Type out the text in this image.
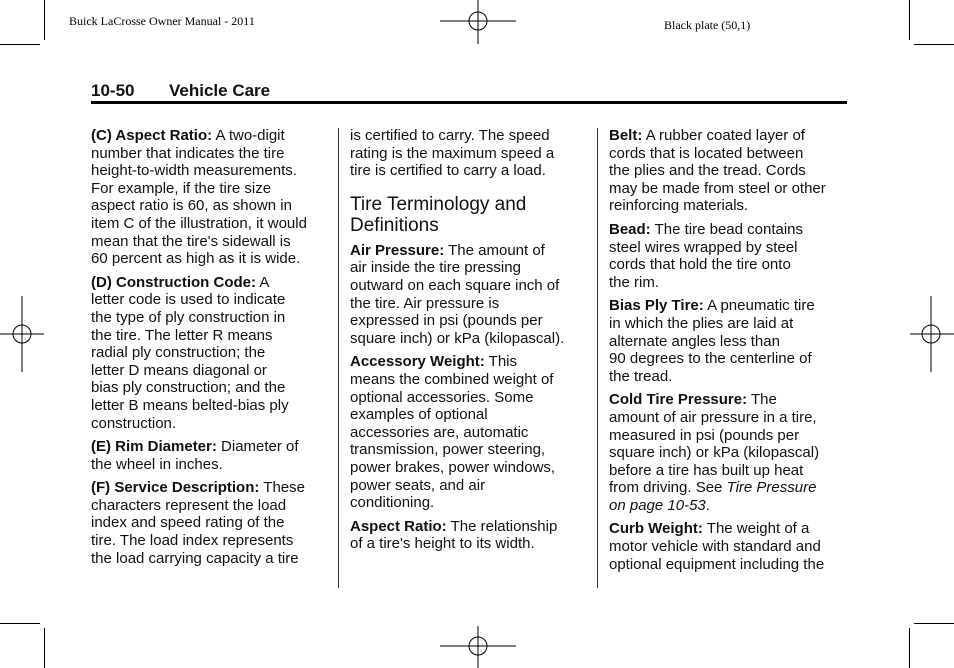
Buick LaCrosse Owner Manual - 2011	Black plate (50,1)
10-50 Vehicle Care

(C) Aspect Ratio: A two-digit
number that indicates the tire
height-to-width measurements.
For example, if the tire size
aspect ratio is 60, as shown in
item C of the illustration, it would
mean that the tire's sidewall is
60 percent as high as it is wide.

(D) Construction Code: A
letter code is used to indicate
the type of ply construction in
the tire. The letter R means
radial ply construction; the
letter D means diagonal or
bias ply construction; and the
letter B means belted-bias ply
construction.

(E) Rim Diameter: Diameter of
the wheel in inches.

(F) Service Description: These
characters represent the load
index and speed rating of the
tire. The load index represents
the load carrying capacity a tire

is certified to carry. The speed
rating is the maximum speed a
tire is certified to carry a load.

Tire Terminology and
Definitions

Air Pressure: The amount of
air inside the tire pressing
outward on each square inch of
the tire. Air pressure is
expressed in psi (pounds per
square inch) or kPa (kilopascal).

Accessory Weight: This
means the combined weight of
optional accessories. Some
examples of optional
accessories are, automatic
transmission, power steering,
power brakes, power windows,
power seats, and air
conditioning.

Aspect Ratio: The relationship
of a tire's height to its width.

Belt: A rubber coated layer of
cords that is located between
the plies and the tread. Cords
may be made from steel or other
reinforcing materials.

Bead: The tire bead contains
steel wires wrapped by steel
cords that hold the tire onto
the rim.

Bias Ply Tire: A pneumatic tire
in which the plies are laid at
alternate angles less than
90 degrees to the centerline of
the tread.

Cold Tire Pressure: The
amount of air pressure in a tire,
measured in psi (pounds per
square inch) or kPa (kilopascal)
before a tire has built up heat
from driving. See Tire Pressure
on page 10-53.

Curb Weight: The weight of a
motor vehicle with standard and
optional equipment including the
